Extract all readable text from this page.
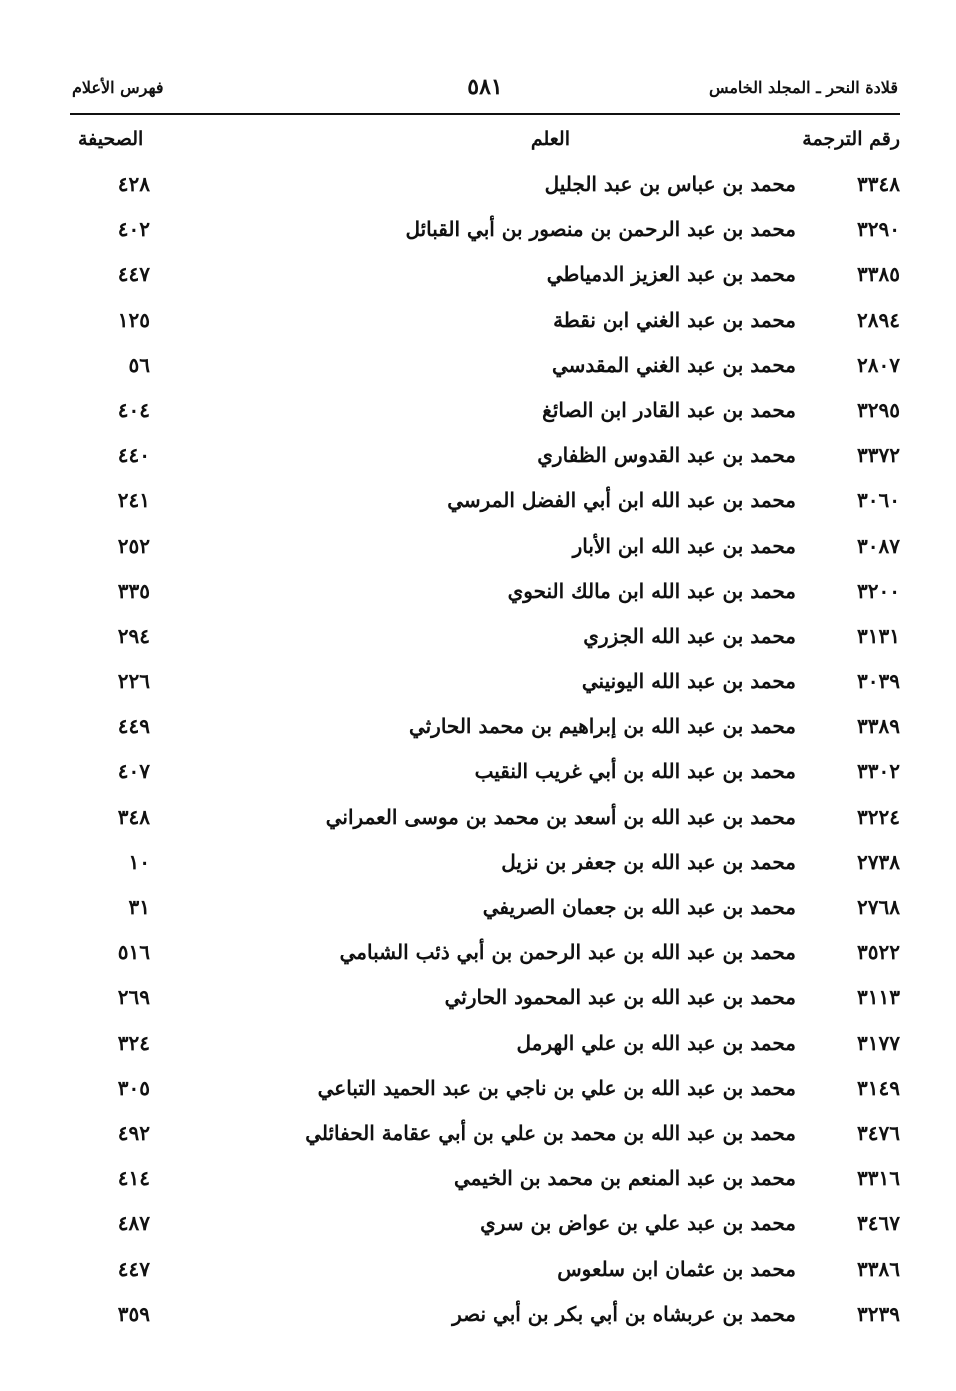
قلادة النحر ـ المجلد الخامس
٥٨١
فهرس الأعلام
رقم الترجمة
العلم
الصحيفة
٣٣٤٨
محمد بن عباس بن عبد الجليل
٤٢٨
٣٢٩٠
محمد بن عبد الرحمن بن منصور بن أبي القبائل
٤٠٢
٣٣٨٥
محمد بن عبد العزيز الدمياطي
٤٤٧
٢٨٩٤
محمد بن عبد الغني ابن نقطة
١٢٥
٢٨٠٧
محمد بن عبد الغني المقدسي
٥٦
٣٢٩٥
محمد بن عبد القادر ابن الصائغ
٤٠٤
٣٣٧٢
محمد بن عبد القدوس الظفاري
٤٤٠
٣٠٦٠
محمد بن عبد الله ابن أبي الفضل المرسي
٢٤١
٣٠٨٧
محمد بن عبد الله ابن الأبار
٢٥٢
٣٢٠٠
محمد بن عبد الله ابن مالك النحوي
٣٣٥
٣١٣١
محمد بن عبد الله الجزري
٢٩٤
٣٠٣٩
محمد بن عبد الله اليونيني
٢٢٦
٣٣٨٩
محمد بن عبد الله بن إبراهيم بن محمد الحارثي
٤٤٩
٣٣٠٢
محمد بن عبد الله بن أبي غريب النقيب
٤٠٧
٣٢٢٤
محمد بن عبد الله بن أسعد بن محمد بن موسى العمراني
٣٤٨
٢٧٣٨
محمد بن عبد الله بن جعفر بن نزيل
١٠
٢٧٦٨
محمد بن عبد الله بن جعمان الصريفي
٣١
٣٥٢٢
محمد بن عبد الله بن عبد الرحمن بن أبي ذئب الشبامي
٥١٦
٣١١٣
محمد بن عبد الله بن عبد المحمود الحارثي
٢٦٩
٣١٧٧
محمد بن عبد الله بن علي الهرمل
٣٢٤
٣١٤٩
محمد بن عبد الله بن علي بن ناجي بن عبد الحميد التباعي
٣٠٥
٣٤٧٦
محمد بن عبد الله بن محمد بن علي بن أبي عقامة الحفائلي
٤٩٢
٣٣١٦
محمد بن عبد المنعم بن محمد بن الخيمي
٤١٤
٣٤٦٧
محمد بن عبد علي بن عواض بن سري
٤٨٧
٣٣٨٦
محمد بن عثمان ابن سلعوس
٤٤٧
٣٢٣٩
محمد بن عربشاه بن أبي بكر بن أبي نصر
٣٥٩
